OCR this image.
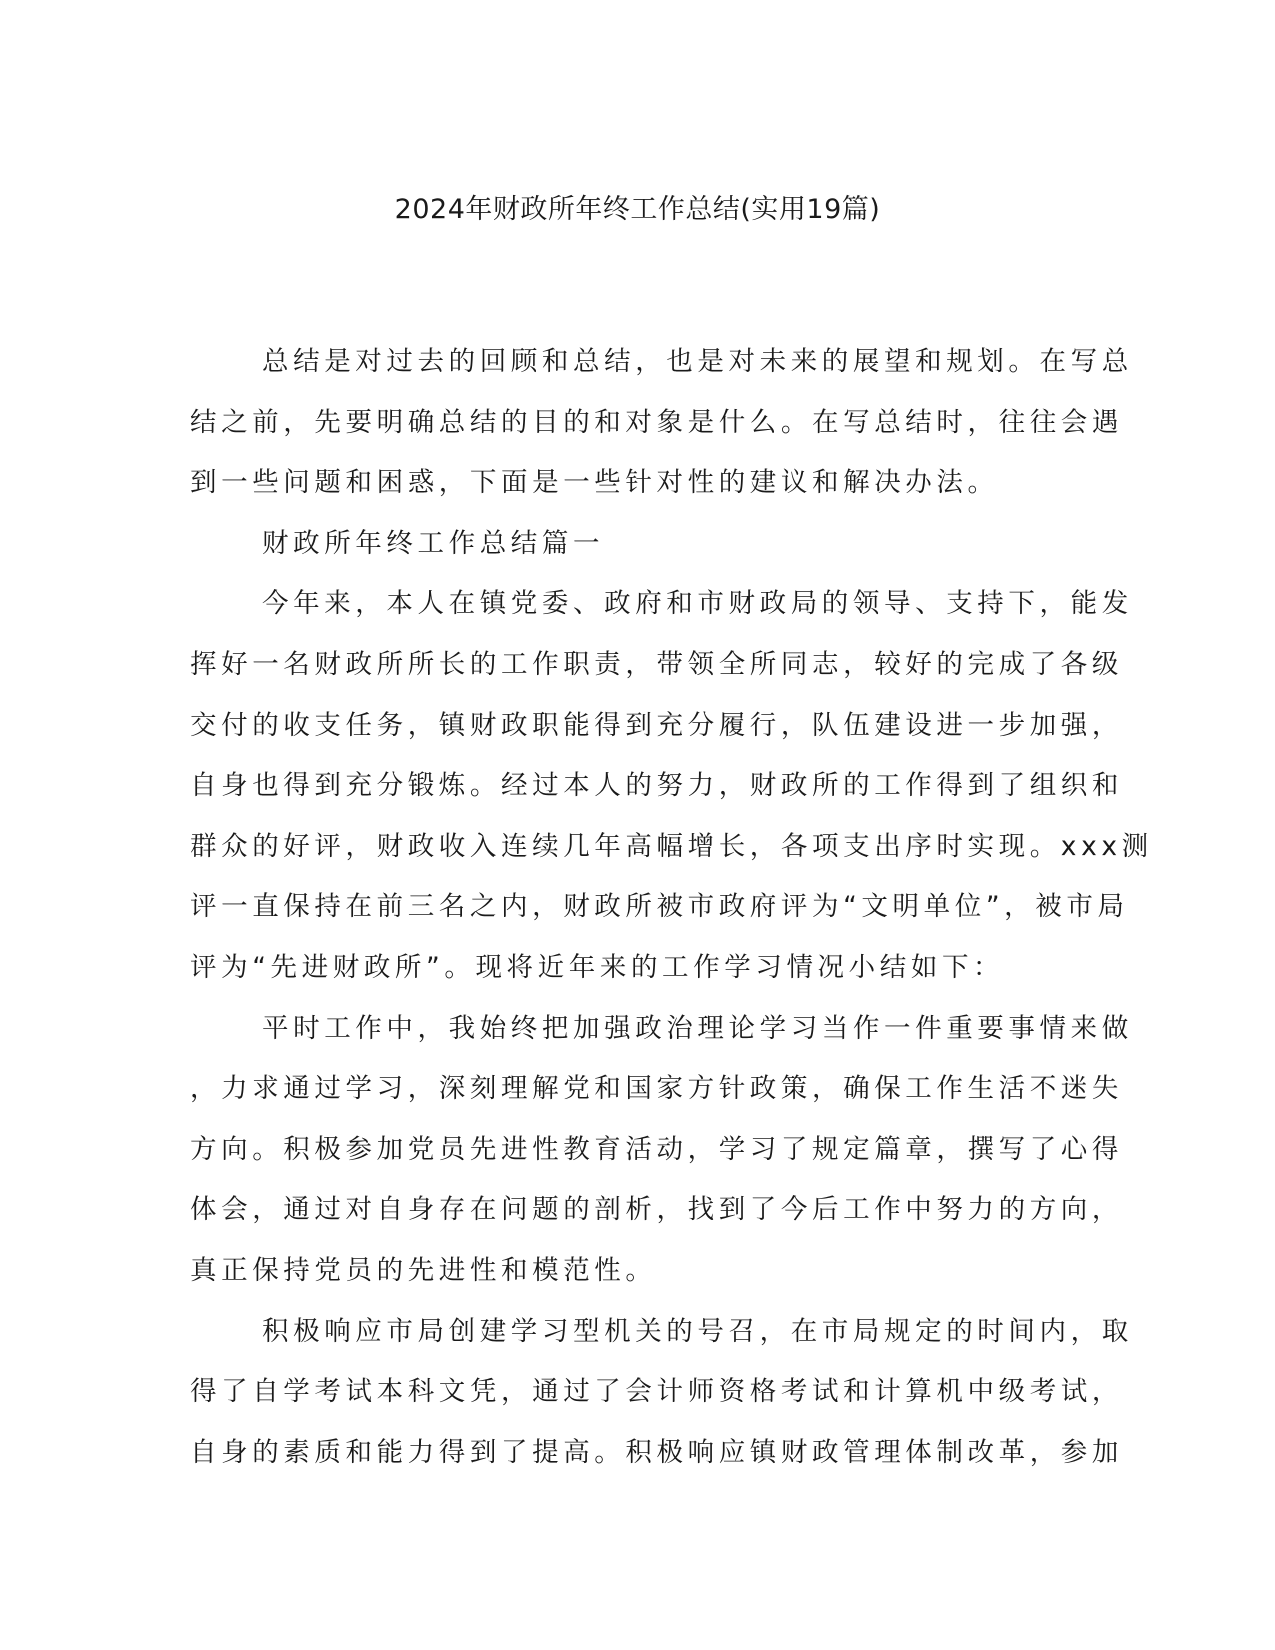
2024年财政所年终工作总结(实用19篇)
总结是对过去的回顾和总结，也是对未来的展望和规划。在写总
结之前，先要明确总结的目的和对象是什么。在写总结时，往往会遇
到一些问题和困惑，下面是一些针对性的建议和解决办法。
财政所年终工作总结篇一
今年来，本人在镇党委、政府和市财政局的领导、支持下，能发
挥好一名财政所所长的工作职责，带领全所同志，较好的完成了各级
交付的收支任务，镇财政职能得到充分履行，队伍建设进一步加强，
自身也得到充分锻炼。经过本人的努力，财政所的工作得到了组织和
群众的好评，财政收入连续几年高幅增长，各项支出序时实现。xxx测
评一直保持在前三名之内，财政所被市政府评为“文明单位”，被市局
评为“先进财政所”。现将近年来的工作学习情况小结如下：
平时工作中，我始终把加强政治理论学习当作一件重要事情来做
，力求通过学习，深刻理解党和国家方针政策，确保工作生活不迷失
方向。积极参加党员先进性教育活动，学习了规定篇章，撰写了心得
体会，通过对自身存在问题的剖析，找到了今后工作中努力的方向，
真正保持党员的先进性和模范性。
积极响应市局创建学习型机关的号召，在市局规定的时间内，取
得了自学考试本科文凭，通过了会计师资格考试和计算机中级考试，
自身的素质和能力得到了提高。积极响应镇财政管理体制改革，参加
